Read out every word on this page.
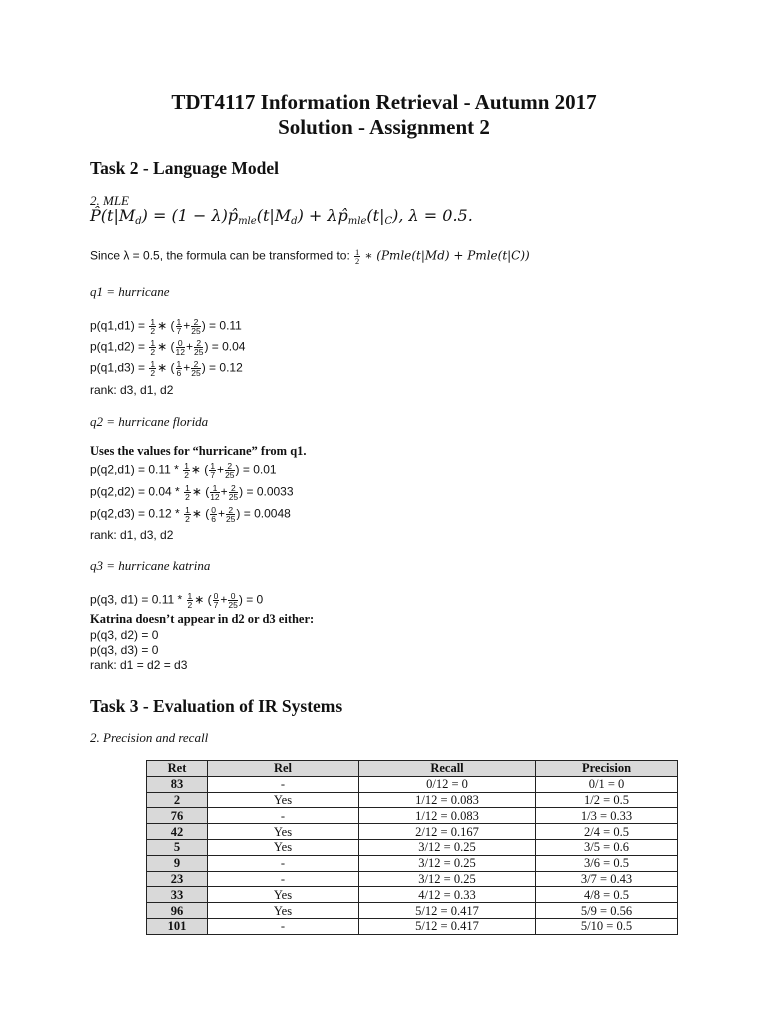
TDT4117 Information Retrieval - Autumn 2017
Solution - Assignment 2
Task 2 - Language Model
2. MLE
$P̂(t|M_d) = (1$ − $\lambda)p̂_{mle}(t|M_d)$ + $\lambda p̂_{mle}(t|_C)$, λ = 0.5.
Since λ = 0.5, the formula can be transformed to: $\frac{1}{2}$ ∗ (Pmle(t|Md) + Pmle(t|C))
q1 = hurricane
$p(q1,d1) = \frac{1}{2}$ ∗ ( $\frac{1}{7} + \frac{2}{25}$ ) = 0.11
$p(q1,d2) = \frac{1}{2}$ ∗ ( $\frac{0}{12} + \frac{2}{25}$ ) = 0.04
$p(q1,d3) = \frac{1}{2}$ ∗ ( $\frac{1}{6} + \frac{2}{25}$ ) = 0.12
rank: d3, d1, d2
q2 = hurricane florida
Uses the values for “hurricane” from q1.
$p(q2,d1) = 0.11 * \frac{1}{2}$ ∗ ( $\frac{1}{7} + \frac{2}{25}$ ) = 0.01
$p(q2,d2) = 0.04 * \frac{1}{2}$ ∗ ( $\frac{1}{12} + \frac{2}{25}$ ) = 0.0033
$p(q2,d3) = 0.12 * \frac{1}{2}$ ∗ ( $\frac{0}{6} + \frac{2}{25}$ ) = 0.0048
rank: d1, d3, d2
q3 = hurricane katrina
p(q3, $d1) = 0.11 * \frac{1}{2}$ ∗ ( $\frac{0}{7} + \frac{0}{25}$ ) = 0
Katrina doesn’t appear in d2 or d3 either:
p(q3, d2) = 0
p(q3, d3) = 0
rank: d1 = d2 = d3
Task 3 - Evaluation of IR Systems
2. Precision and recall
Ret	Rel	Recall	Precision
83	-	0/12 = 0	0/1 = 0
2	Yes	1/12 = 0.083	1/2 = 0.5
76	-	1/12 = 0.083	1/3 = 0.33
42	Yes	2/12 = 0.167	2/4 = 0.5
5	Yes	3/12 = 0.25	3/5 = 0.6
9	-	3/12 = 0.25	3/6 = 0.5
23	-	3/12 = 0.25	3/7 = 0.43
33	Yes	4/12 = 0.33	4/8 = 0.5
96	Yes	5/12 = 0.417	5/9 = 0.56
101	-	5/12 = 0.417	5/10 = 0.5
